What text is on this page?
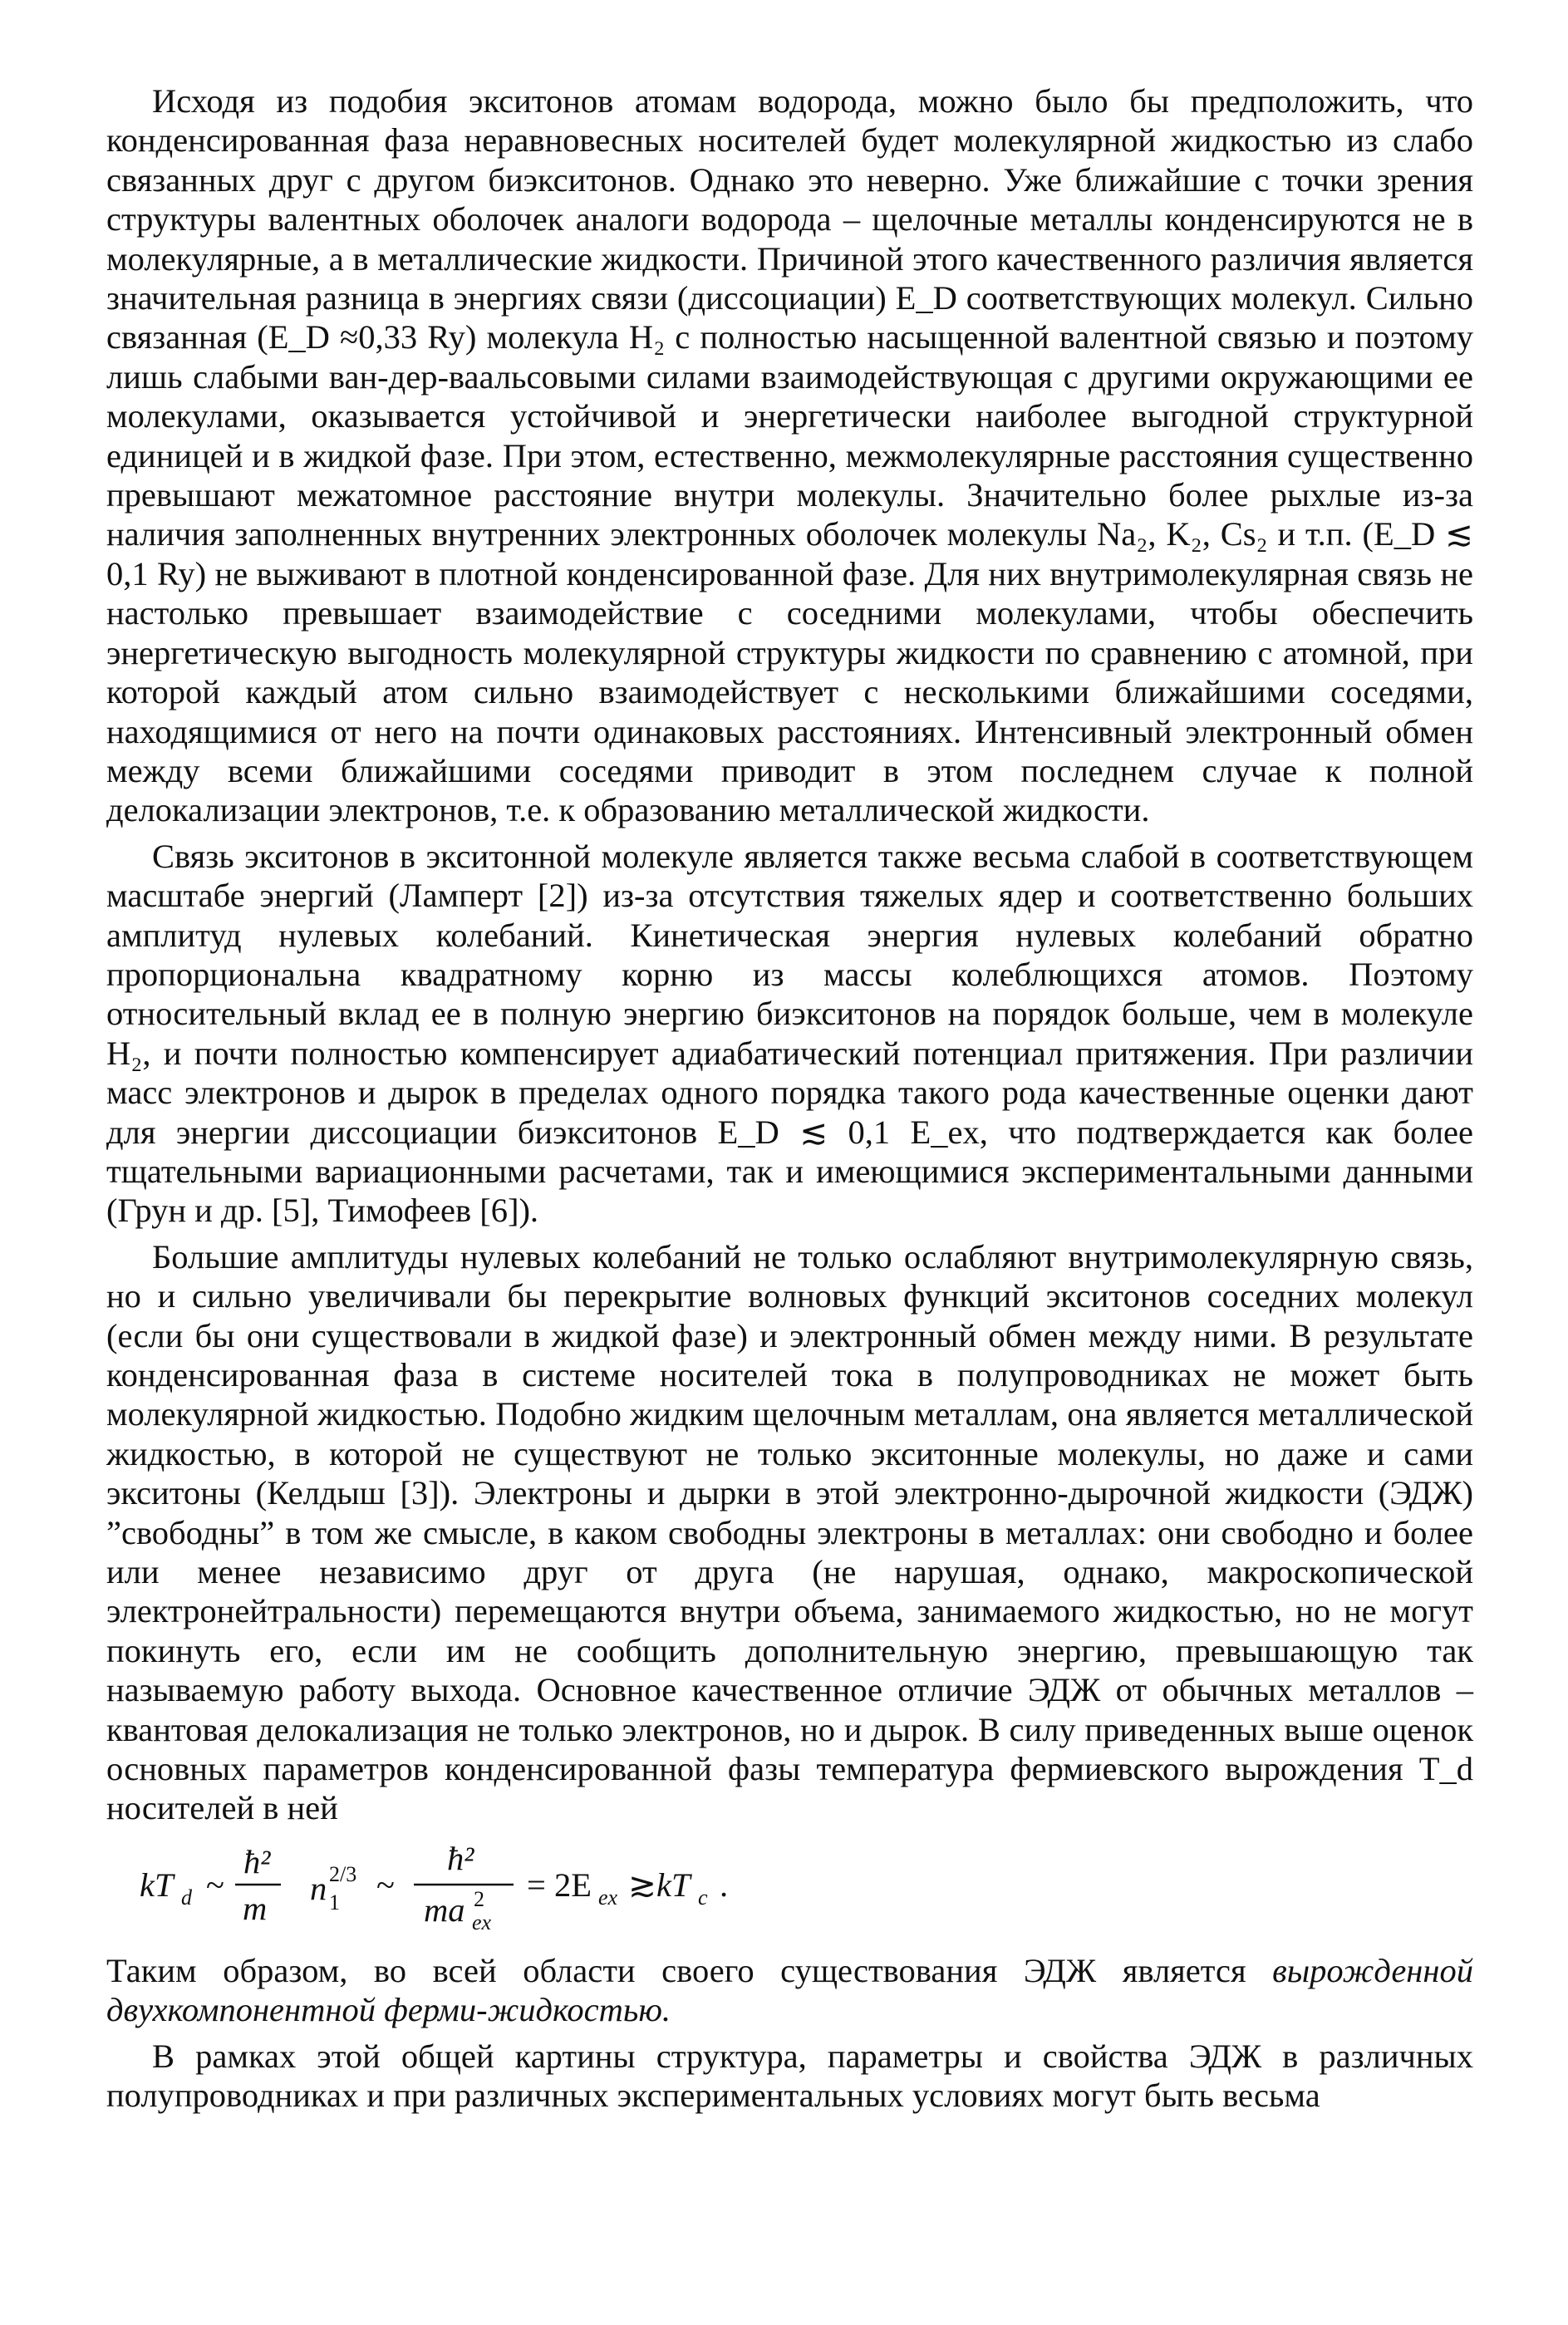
Исходя из подобия экситонов атомам водорода, можно было бы предположить, что конденсированная фаза неравновесных носителей будет молекулярной жидкостью из слабо связанных друг с другом биэкситонов. Однако это неверно. Уже ближайшие с точки зрения структуры валентных оболочек аналоги водорода – щелочные металлы конденсируются не в молекулярные, а в металлические жидкости. Причиной этого качественного различия является значительная разница в энергиях связи (диссоциации) E_D соответствующих молекул. Сильно связанная (E_D ≈0,33 Ry) молекула H₂ с полностью насыщенной валентной связью и поэтому лишь слабыми ван-дер-ваальсовыми силами взаимодействующая с другими окружающими ее молекулами, оказывается устойчивой и энергетически наиболее выгодной структурной единицей и в жидкой фазе. При этом, естественно, межмолекулярные расстояния существенно превышают межатомное расстояние внутри молекулы. Значительно более рыхлые из-за наличия заполненных внутренних электронных оболочек молекулы Na₂, K₂, Cs₂ и т.п. (E_D ≲ 0,1 Ry) не выживают в плотной конденсированной фазе. Для них внутримолекулярная связь не настолько превышает взаимодействие с соседними молекулами, чтобы обеспечить энергетическую выгодность молекулярной структуры жидкости по сравнению с атомной, при которой каждый атом сильно взаимодействует с несколькими ближайшими соседями, находящимися от него на почти одинаковых расстояниях. Интенсивный электронный обмен между всеми ближайшими соседями приводит в этом последнем случае к полной делокализации электронов, т.е. к образованию металлической жидкости.

Связь экситонов в экситонной молекуле является также весьма слабой в соответствующем масштабе энергий (Ламперт [2]) из-за отсутствия тяжелых ядер и соответственно больших амплитуд нулевых колебаний. Кинетическая энергия нулевых колебаний обратно пропорциональна квадратному корню из массы колеблющихся атомов. Поэтому относительный вклад ее в полную энергию биэкситонов на порядок больше, чем в молекуле H₂, и почти полностью компенсирует адиабатический потенциал притяжения. При различии масс электронов и дырок в пределах одного порядка такого рода качественные оценки дают для энергии диссоциации биэкситонов E_D ≲ 0,1 E_ex, что подтверждается как более тщательными вариационными расчетами, так и имеющимися экспериментальными данными (Грун и др. [5], Тимофеев [6]).

Большие амплитуды нулевых колебаний не только ослабляют внутримолекулярную связь, но и сильно увеличивали бы перекрытие волновых функций экситонов соседних молекул (если бы они существовали в жидкой фазе) и электронный обмен между ними. В результате конденсированная фаза в системе носителей тока в полупроводниках не может быть молекулярной жидкостью. Подобно жидким щелочным металлам, она является металлической жидкостью, в которой не существуют не только экситонные молекулы, но даже и сами экситоны (Келдыш [3]). Электроны и дырки в этой электронно-дырочной жидкости (ЭДЖ) ”свободны” в том же смысле, в каком свободны электроны в металлах: они свободно и более или менее независимо друг от друга (не нарушая, однако, макроскопической электронейтральности) перемещаются внутри объема, занимаемого жидкостью, но не могут покинуть его, если им не сообщить дополнительную энергию, превышающую так называемую работу выхода. Основное качественное отличие ЭДЖ от обычных металлов – квантовая делокализация не только электронов, но и дырок. В силу приведенных выше оценок основных параметров конденсированной фазы температура фермиевского вырождения T_d носителей в ней

kT d ~
ħ²
m
n 1
2/3 ~
ħ²
ma ex
2 = 2E ex ≳ kT c .

Таким образом, во всей области своего существования ЭДЖ является вырожденной двухкомпонентной ферми-жидкостью.

В рамках этой общей картины структура, параметры и свойства ЭДЖ в различных полупроводниках и при различных экспериментальных условиях могут быть весьма
